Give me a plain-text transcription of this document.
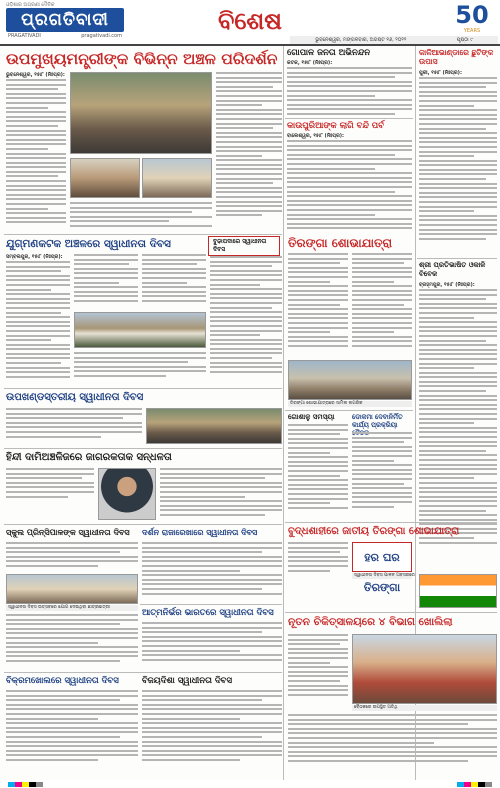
ଓଡ଼ିଶାର ଅଗ୍ରଣୀ ଦୈନିକ
ପ୍ରଗତିବାଦୀ
PRAGATIVADI	pragativadi.com
ବିଶେଷ
ଭୁବନେଶ୍ୱର, ମଙ୍ଗଳବାର, ଅଗଷ୍ଟ ୧୬, ୨୦୨୨	ପୃଷ୍ଠା ୯
50
YEARS
ଉପମୁଖ୍ୟମନ୍ତ୍ରୀଙ୍କ ବିଭିନ୍ନ ଅଞ୍ଚଳ ପରିଦର୍ଶନ
ଭୁବନେଶ୍ୱର, ୧୫ା୮ (ନିଃପ୍ର):
ଗୋପାଳ ଜନତା ଅଭିନନ୍ଦନ
କଟକ, ୧୫ା୮ (ନିଃପ୍ର):
କାଉପୁରିଆଙ୍କ ଲାଗି ବନ୍ଦି ପର୍ବ
ବାଲେଶ୍ୱର, ୧୫ା୮ (ନିଃପ୍ର):
କାଳିଆଭାଣ୍ଡାରେ ଛୁଟିଙ୍କ ଉପାସ
ପୁରୀ, ୧୫ା୮ (ନିଃପ୍ର):
ଶ୍ରୀ ପ୍ରତିଭାଷିତ ଓକାଳି ବିବେକ
ବ୍ରହ୍ମପୁର, ୧୫ା୮ (ନିଃପ୍ର):
ଯୁଗ୍ମଣକଟକ ଅଞ୍ଚଳରେ ସ୍ୱାଧୀନତା ଦିବସ	ବୁଢାପଦାରେ ସ୍ୱାଧୀନତା ଦିବସ
ସମ୍ବଲପୁର, ୧୫ା୮ (ନିଃପ୍ର):
ତିରଙ୍ଗା ଶୋଭାଯାତ୍ରା
ତିରଙ୍ଗା ଶୋଭାଯାତ୍ରାରେ ସାମିଲ ନାଗରିକ
ଉପଖଣ୍ଡସ୍ତରୀୟ ସ୍ୱାଧୀନତା ଦିବସ
ହିନ୍ଦୀ ଦାମିଅଞ୍ଚଳିଜରେ ଜାଗରକତାକ ସନ୍ଧଳତା
ଗୋଶାଳୁ ସମସ୍ୟା	ଡୋକମା ଦେବାନିର୍ମିତ କାର୍ଯ୍ୟ ପ୍ରକ୍ରିୟା
ବୁଦ୍ଧଶାହୀରେ ଜାତୀୟ ତିରଙ୍ଗା ଶୋଭାଯାତ୍ରା
ହର ଘର ତିରଙ୍ଗା
ସ୍ୱାଧୀନତା ଦିବସ ପାଳନ ଅବସରରେ
ସ୍କୁଲ ପ୍ରିନ୍ସିପାଳଙ୍କ ସ୍ୱାଧୀନତା ଦିବସ
ସ୍ୱାଧୀନତା ଦିବସ ଉତ୍ସବରେ ଯୋଗ ଦେଇଥିବା ଛାତ୍ରଛାତ୍ରୀ
ଦର୍ଶନ ରାଜାରେଖାରେ ସ୍ୱାଧୀନତା ଦିବସ
ଆତ୍ମନିର୍ଭର ଭାରତରେ ସ୍ୱାଧୀନତା ଦିବସ
ନୂତନ ଚିକିତ୍ସାଳୟରେ ୪ ବିଭାଗ ଖୋଲିଲା
ବୈଠକରେ ଉପସ୍ଥିତ ଅତିଥି
ବିକ୍ରମଖୋଲରେ ସ୍ୱାଧୀନତା ଦିବସ	ବିଜୟଦିଶା ସ୍ୱାଧୀନତା ଦିବସ
